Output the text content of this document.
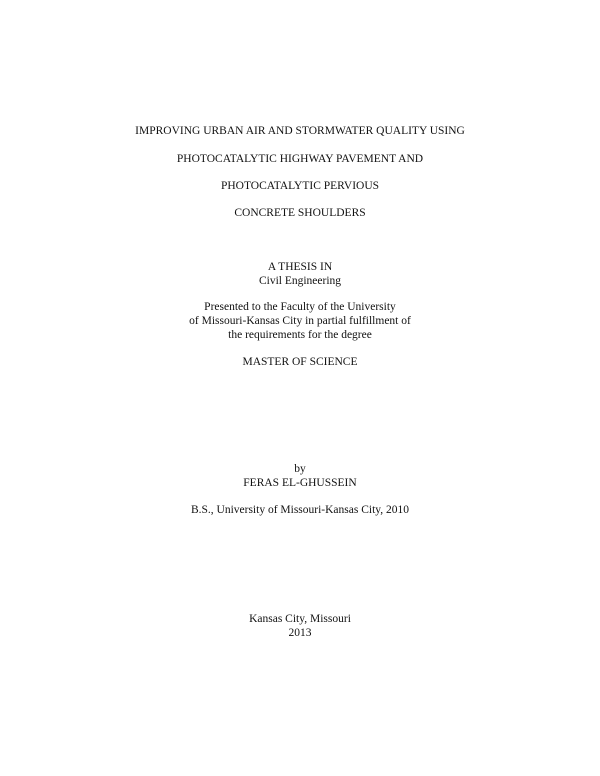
IMPROVING URBAN AIR AND STORMWATER QUALITY USING
PHOTOCATALYTIC HIGHWAY PAVEMENT AND
PHOTOCATALYTIC PERVIOUS
CONCRETE SHOULDERS
A THESIS IN
Civil Engineering
Presented to the Faculty of the University
of Missouri-Kansas City in partial fulfillment of
the requirements for the degree
MASTER OF SCIENCE
by
FERAS EL-GHUSSEIN
B.S., University of Missouri-Kansas City, 2010
Kansas City, Missouri
2013
